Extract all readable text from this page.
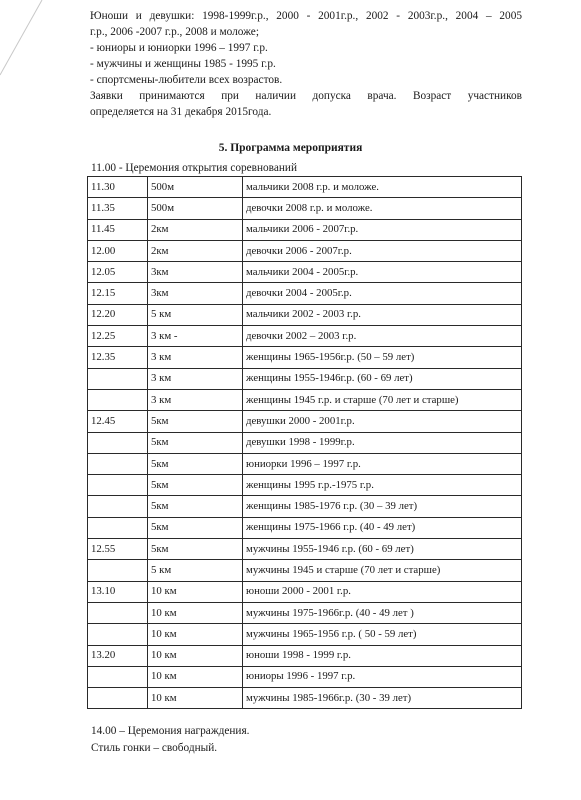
Юноши и девушки: 1998-1999г.р., 2000 - 2001г.р., 2002 - 2003г.р., 2004 – 2005

г.р., 2006 -2007 г.р., 2008 и моложе;

- юниоры и юниорки 1996 – 1997 г.р.

- мужчины и женщины 1985 - 1995 г.р.

- спортсмены-любители всех возрастов.

Заявки принимаются при наличии допуска врача. Возраст участников

определяется на 31 декабря 2015года.

5. Программа мероприятия
11.00 - Церемония открытия соревнований
11.30	500м	мальчики 2008 г.р. и моложе.
11.35	500м	девочки 2008 г.р. и моложе.
11.45	2км	мальчики 2006 - 2007г.р.
12.00	2км	девочки 2006 - 2007г.р.
12.05	3км	мальчики 2004 - 2005г.р.
12.15	3км	девочки 2004 - 2005г.р.
12.20	5 км	мальчики 2002 - 2003 г.р.
12.25	3 км -	девочки 2002 – 2003 г.р.
12.35	3 км	женщины 1965-1956г.р. (50 – 59 лет)
	3 км	женщины 1955-1946г.р. (60 - 69 лет)
	3 км	женщины 1945 г.р. и старше (70 лет и старше)
12.45	5км	девушки 2000 - 2001г.р.
	5км	девушки 1998 - 1999г.р.
	5км	юниорки 1996 – 1997 г.р.
	5км	женщины 1995 г.р.-1975 г.р.
	5км	женщины 1985-1976 г.р. (30 – 39 лет)
	5км	женщины 1975-1966 г.р. (40 - 49 лет)
12.55	5км	мужчины 1955-1946 г.р. (60 - 69 лет)
	5 км	мужчины 1945 и старше (70 лет и старше)
13.10	10 км	юноши 2000 - 2001 г.р.
	10 км	мужчины 1975-1966г.р. (40 - 49 лет )
	10 км	мужчины 1965-1956 г.р. ( 50 - 59 лет)
13.20	10 км	юноши 1998 - 1999 г.р.
	10 км	юниоры 1996 - 1997 г.р.
	10 км	мужчины 1985-1966г.р. (30 - 39 лет)

14.00 – Церемония награждения.

Стиль гонки – свободный.
